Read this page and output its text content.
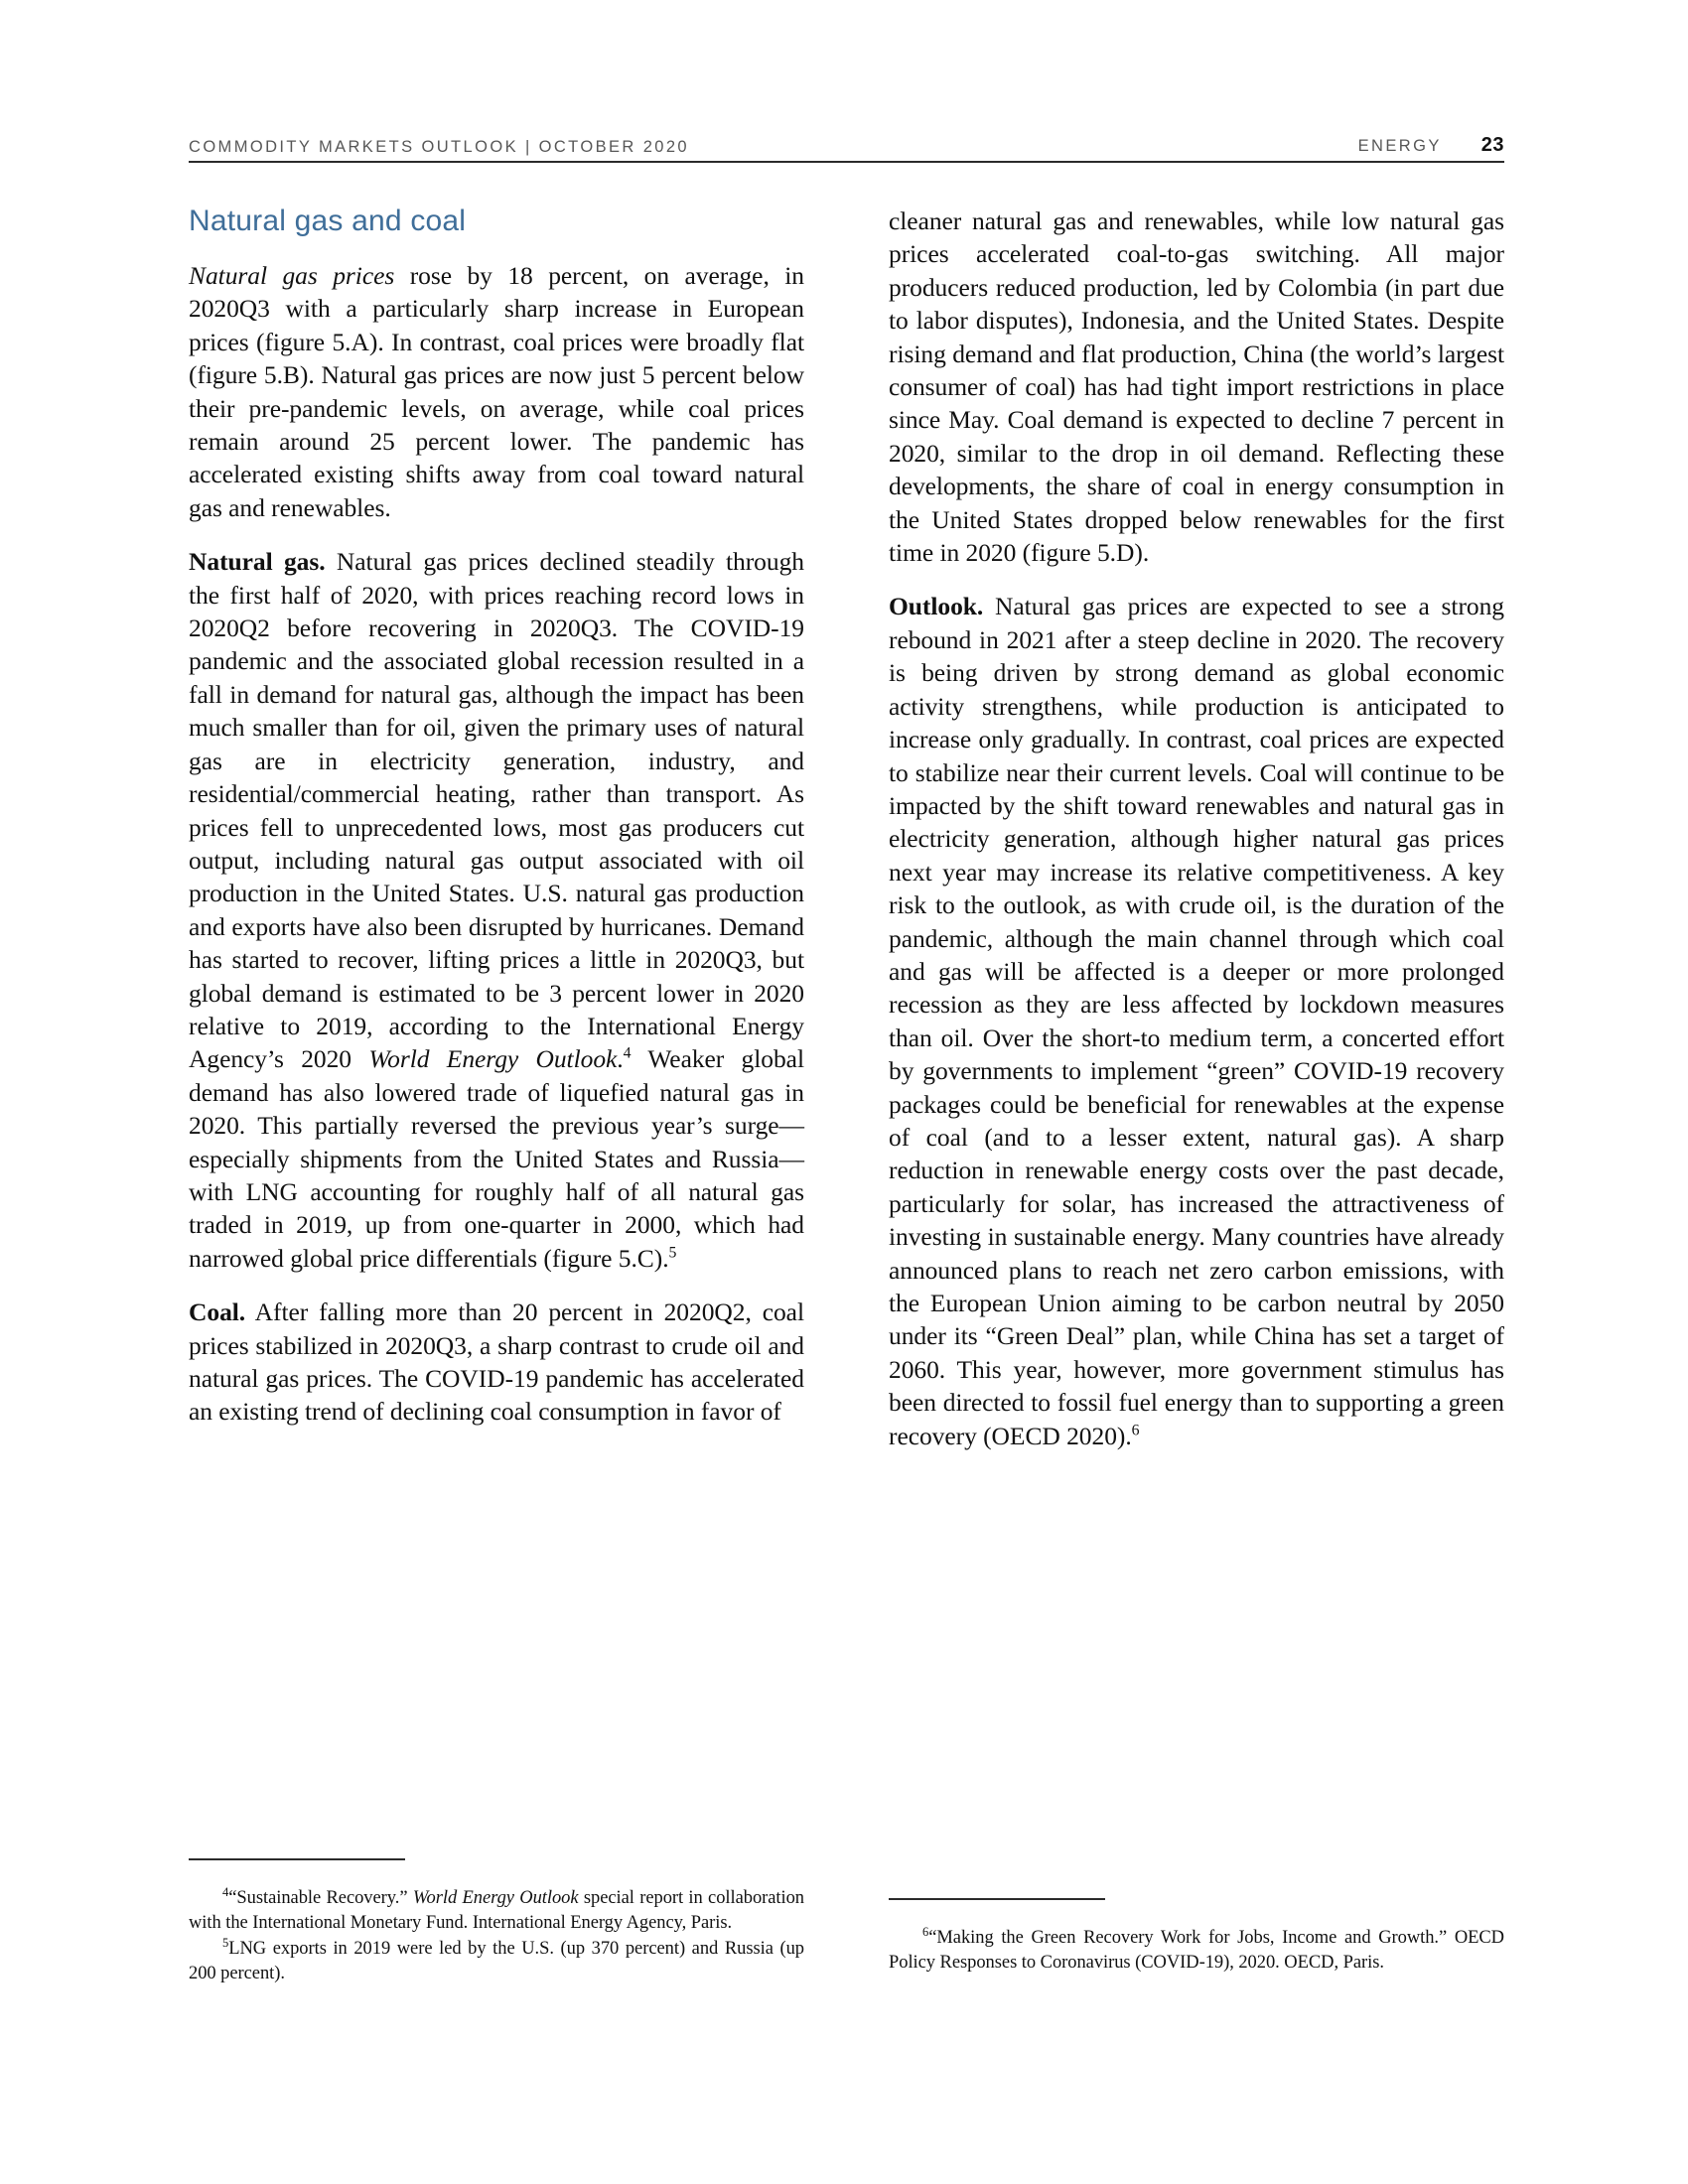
COMMODITY MARKETS OUTLOOK | OCTOBER 2020	ENERGY 23
Natural gas and coal

Natural gas prices rose by 18 percent, on average, in 2020Q3 with a particularly sharp increase in European prices (figure 5.A). In contrast, coal prices were broadly flat (figure 5.B). Natural gas prices are now just 5 percent below their pre-pandemic levels, on average, while coal prices remain around 25 percent lower. The pandemic has accelerated existing shifts away from coal toward natural gas and renewables.

Natural gas. Natural gas prices declined steadily through the first half of 2020, with prices reaching record lows in 2020Q2 before recovering in 2020Q3. The COVID-19 pandemic and the associated global recession resulted in a fall in demand for natural gas, although the impact has been much smaller than for oil, given the primary uses of natural gas are in electricity generation, industry, and residential/commercial heating, rather than transport. As prices fell to unprecedented lows, most gas producers cut output, including natural gas output associated with oil production in the United States. U.S. natural gas production and exports have also been disrupted by hurricanes. Demand has started to recover, lifting prices a little in 2020Q3, but global demand is estimated to be 3 percent lower in 2020 relative to 2019, according to the International Energy Agency’s 2020 World Energy Outlook.$^4$ Weaker global demand has also lowered trade of liquefied natural gas in 2020. This partially reversed the previous year’s surge—especially shipments from the United States and Russia—with LNG accounting for roughly half of all natural gas traded in 2019, up from one-quarter in 2000, which had narrowed global price differentials (figure 5.C).$^5$

Coal. After falling more than 20 percent in 2020Q2, coal prices stabilized in 2020Q3, a sharp contrast to crude oil and natural gas prices. The COVID-19 pandemic has accelerated an existing trend of declining coal consumption in favor of

cleaner natural gas and renewables, while low natural gas prices accelerated coal-to-gas switching. All major producers reduced production, led by Colombia (in part due to labor disputes), Indonesia, and the United States. Despite rising demand and flat production, China (the world’s largest consumer of coal) has had tight import restrictions in place since May. Coal demand is expected to decline 7 percent in 2020, similar to the drop in oil demand. Reflecting these developments, the share of coal in energy consumption in the United States dropped below renewables for the first time in 2020 (figure 5.D).

Outlook. Natural gas prices are expected to see a strong rebound in 2021 after a steep decline in 2020. The recovery is being driven by strong demand as global economic activity strengthens, while production is anticipated to increase only gradually. In contrast, coal prices are expected to stabilize near their current levels. Coal will continue to be impacted by the shift toward renewables and natural gas in electricity generation, although higher natural gas prices next year may increase its relative competitiveness. A key risk to the outlook, as with crude oil, is the duration of the pandemic, although the main channel through which coal and gas will be affected is a deeper or more prolonged recession as they are less affected by lockdown measures than oil. Over the short-to medium term, a concerted effort by governments to implement “green” COVID-19 recovery packages could be beneficial for renewables at the expense of coal (and to a lesser extent, natural gas). A sharp reduction in renewable energy costs over the past decade, particularly for solar, has increased the attractiveness of investing in sustainable energy. Many countries have already announced plans to reach net zero carbon emissions, with the European Union aiming to be carbon neutral by 2050 under its “Green Deal” plan, while China has set a target of 2060. This year, however, more government stimulus has been directed to fossil fuel energy than to supporting a green recovery (OECD 2020).$^6$

$^4$“Sustainable Recovery.” World Energy Outlook special report in collaboration with the International Monetary Fund. International Energy Agency, Paris.

$^5$LNG exports in 2019 were led by the U.S. (up 370 percent) and Russia (up 200 percent).

$^6$“Making the Green Recovery Work for Jobs, Income and Growth.” OECD Policy Responses to Coronavirus (COVID-19), 2020. OECD, Paris.
